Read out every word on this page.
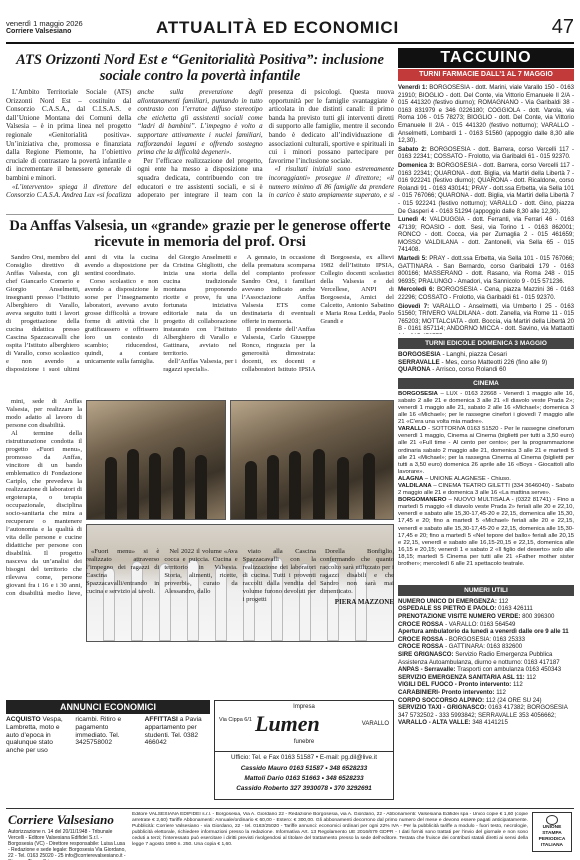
venerdì 1 maggio 2026
Corriere Valsesiano	ATTUALITÀ ED ECONOMICI	47
ATS Orizzonti Nord Est e “Genitorialità Positiva”: inclusione sociale contro la povertà infantile

L’Ambito Territoriale Sociale (ATS) Orizzonti Nord Est – costituito dal Consorzio C.A.S.A., dal C.I.S.A.S. e dall’Unione Montana dei Comuni della Valsesia – è in prima linea nel progetto regionale «Genitorialità positiva». Un’iniziativa che, promossa e finanziata dalla Regione Piemonte, ha l’obiettivo cruciale di contrastare la povertà infantile e di incrementare il benessere generale di bambini e minori.

«L’intervento» spiega il direttore del Consorzio C.A.S.A. Andrea Lux «si focalizza anche sulla prevenzione degli allontanamenti familiari, puntando in tutto contrasto con l’erratoe diffuso stereotipo che etichetta gli assistenti sociali come “ladri di bambini”. L’impegno è volto a supportare attivamente i nuclei familiari, rafforzandoi legami e offrendo sostegno prima che la difficoltà degeneri».

Per l’efficace realizzazione del progetto, ogni ente ha messo a disposizione una squadra dedicata, contribuendo con tre educatori e tre assistenti sociali, e si è adoperato per integrare il team con la presenza di psicologi. Questa nuova opportunità per le famiglie svantaggiate è articolata in due distinti canali: il primo banda ha previsto tutti gli interventi diretti di supporto alle famiglie, mentre il secondo bando è dedicato all’individuazione di associazioni culturali, sportive e spirituali in cui i minori possano partecipare per favorirne l’inclusione sociale.

«I risultati iniziali sono estremamente incoraggianti» prosegue il direttore; «il numero minimo di 86 famiglie da prendere in carico è stato ampiamente superato, e si

Da Anffas Valsesia, un «grande» grazie per le generose offerte ricevute in memoria del prof. Orsi

Sandro Orsi, membro del Consiglio direttivo di Anffas Valsesia, con gli chef Giancarlo Comerio e Giorgio Anselmetti, insegnanti presso l’Istituto Alberghiero di Varallo, aveva seguito tutti i lavori di progettazione della cucina didattica presso Cascina Spazzacavalli che ospita l’Istituto alberghiero di Varallo, corso scolastico e non avendo a disposizione i suoi ultimi anni di vita la cucina avendo a disposizione per sentirsi coordinato.

Corso scolastico e non avendo a disposizione le sorse per l’insegnamento laboratori, avevano avuto grosse difficoltà a trovare forme di attività che li gratificassero e offrissero loro un contesto di scambio; riducendosi, quindi, a contare unicamente sulla famiglia.

del Giorgio Anselmetti e da Cristina Ghigliotti, che inizia una storia della cucina tradizionale montana proponendo ricette e prove, fu una fortunata iniziativa editoriale nata da un progetto di collaborazione instaurato con l’Istituto Alberghiero di Varallo e Gattinara, avviato nel territorio.

dell’Anffas Valsesia, per i ragazzi speciali».

A gennaio, in occasione della prematura scomparsa del compianto professor Sandro Orsi, i familiari avevano indicato anche l’Associazione Anffas Valsesia ETS come destinataria di eventuali offerte in memoria.

Il presidente dell’Anffas Valsesia, Carlo Giuseppe Ronco, ringrazia per la generosità dimostrata: docenti, ex docenti e collaboratori Istituto IPSIA di Borgosesia, ex allievi 1982 dell’Istituto IPSIA, Collegio docenti scolastici della Valsesia e del Vercellese, ANPI di Borgosesia, Amici del Calcetto, Antonio Sabatino e Maria Rosa Ledda, Paolo Grandi e

mini, sede di Anffas Valsesia, per realizzare la modo adatto al lavoro di persone con disabilità.

Al termine della ristrutturazione condotta il progetto «Fuori menu», promosso da Anffas, vincitore di un bando emblematico di Fondazione Cariplo, che prevedeva la realizzazione di laboratori di ergoterapia, o terapia occupazionale, disciplina socio-sanitaria che mira a recuperare o mantenere l’autonomia e la qualità di vita delle persone e cucine didattiche per persone con disabilità. Il progetto nasceva da un’analisi dei bisogni del territorio che rilevava come, persone giovani fra i 16 e i 30 anni, con disabilità medio lieve,

«Fuori menu» si è realizzato attraverso l’impegno dei ragazzi di Cascina Spazzacavalli/entrando in cucina e servizio al tavoli.

Nel 2022 il volume «Ava cocca e puiccia. Cucina e territorio in Valsesia. Storia, alimenti, ricette, proverbi», curato da Alessandro, dallo

viato alla Cascina Spazzacavalli con la realizzazione dei laboratori di cucina. Tutti i proventi raccolti dalla vendita del volume furono devoluti per i progetti

Dorella Bonfiglio, confermando che quanto raccolto sarà utilizzato per i ragazzi disabili e che Sandro non sarà mai dimenticato.

PIERA MAZZONE
ANNUNCI ECONOMICI
ACQUISTO Vespa, Lambretta, moto e auto d’epoca in qualunque stato anche per uso ricambi. Ritiro e pagamento immediato. Tel. 3425758002
AFFITTASI a Pavia appartamento per studenti. Tel. 0382 466042
Impresa
Via Cippa 6/1 Lumen	VARALLO
funebre
Ufficio: Tel. e Fax 0163 51587 • E-mail: pg.dil@live.it
Cassido Mauro 0163 51587 • 348 6528233
Mattoli Dario 0163 51663 • 348 6528233
Cassido Roberto 327 3930078 • 370 3292691
TACCUINO
TURNI FARMACIE DALL’1 AL 7 MAGGIO

Venerdì 1: BORGOSESIA - dott. Marini, viale Varallo 150 - 0163 21910; BIOGLIO - dott. Del Conte, via Vittorio Emanuele II 2/A - 015 441320 (festivo diurno); ROMAGNANO - Via Garibaldi 38 - 0163 831979 e 346 0226180; COGGIOLA - dott. Varola, via Roma 106 - 015 78273; BIOGLIO - dott. Del Conte, via Vittorio Emanuele II 2/A - 015 441320 (festivo notturno); VARALLO - Anselmetti, Lombardi 1 - 0163 51560 (appoggio dalle 8,30 alle 12,30).

Sabato 2: BORGOSESIA - dott. Barrera, corso Vercelli 117 - 0163 22341; COSSATO - Frolotto, via Garibaldi 61 - 015 92370.

Domenica 3: BORGOSESIA - dott. Barrera, corso Vercelli 117 - 0163 22341; QUARONA - dott. Biglia, via Martiri della Libertà 7 - 016 922241 (festivo diurno); QUARONA - dott. Ricaldone, corso Rolandi 91 - 0163 430141; PRAY - dott.ssa Erbetta, via Sella 101 - 015 767066; QUARONA - dott. Biglia, via Martiri della Libertà 7 - 015 922241 (festivo notturno); VARALLO - dott. Gino, piazza De Gasperi 4 - 0163 51294 (appoggio dalle 8,30 alle 12,30).

Lunedì 4: VALDUGGIA - dott. Ferranti, via Ferrari 46 - 0163 47139; ROASIO - dott. Sesi, via Torino 1 - 0163 862001; RONCO - dott. Cocca, via per Zumaglia 2 - 015 461659; MOSSO VALDILANA - dott. Zantonelli, via Sella 65 - 015 741408.

Martedì 5: PRAY - dott.ssa Erbetta, via Sella 101 - 015 767066; GATTINARA - San Bernardo, corso Garibaldi 179 - 0163 800166; MASSERANO - dott. Rasano, via Roma 248 - 015 96935; PRALUNGO - Amadori, via Sannicolo 9 - 015 571236.

Mercoledì 6: BORGOSESIA - Cena, piazza Mazzini 36 - 0163 22296; COSSATO - Frolotto, via Garibaldi 61 - 015 92370.

Giovedì 7: VARALLO - Anselmetti, via Umberto I 25 - 0163 51560; TRIVERO VALDILANA - dott. Zanella, via Rome 11 - 015 765203; MOTTALCIATA - dott. Boccia, via Martiri della Libertà 20 B - 0161 857114; ANDORNO MICCA - dott. Savino, via Mattaotti

TURNI EDICOLE DOMENICA 3 MAGGIO
BORGOSESIA - Langhi, piazza Cesari
SERRAVALLE - Mes, corso Matteotti 226 (fino alle 9)
QUARONA - Arrisco, corso Rolandi 60
CINEMA
BORGOSESIA – LUX - 0163 22668 - Venerdì 1 maggio alle 16, sabato 2 alle 21 e domenica 3 alle 21 «Il diavolo veste Prada 2»; venerdì 1 maggio alle 21, sabato 2 alle 16 «Michael»; domenica 3 alle 16 «Michael»; per le rassegne cinefori i giovedì 7 maggio alle 21 «C’era una volta mia madre».
VARALLO - SOTTORIVA 0163 51520 - Per le rassegne cineforum venerdì 1 maggio, Cinema ai Cinema (biglietti per tutti a 3,50 euro) alle 21 «Full time - Al cento per cento»; per la programmazione ordinaria sabato 2 maggio alle 21, domenica 3 alle 21 e martedì 5 alle 21 «Michael»; per la rassegna Cinema al Cinema (biglietti per tutti a 3,50 euro) domenica 26 aprile alle 16 «Boys - Giocattoli allo lavorare».
ALAGNA – UNIONE ALAGNESE - Chiuso.
VALDILANA – CINEMA TEATRO GILETTI (334 3646040) - Sabato 2 maggio alle 21 e domenica 3 alle 16 «La mattina serve».
BORGOMANERO – NUOVO MULTISALA - (0322 81741) - Fino a martedì 5 maggio «Il diavolo veste Prada 2» feriali alle 20 e 22,10, venerdì e sabato alle 15,30-17,45-20 e 22,15, domenica alle 15,30, 17,45 e 20; fino a martedì 5 «Michael» feriali alle 20 e 22,15, venerdì e sabato alle 15,30-17,45-20 e 22,15, domenica alle 15,30-17,45 e 20; fino a martedì 5 «Nel tepore del ballo» feriali alle 20,15 e 22,15, venerdì e sabato alle 16,15-20,15 e 22,15, domenica alle 16,15 e 20,15; venerdì 1 e sabato 2 «Il figlio del deserto» solo alle 18,15; martedì 5 Cinema per tutti alle 21 «Father mother sister brother»; mercoledì 6 alle 21 spettacolo teatrale.
NUMERI UTILI
NUMERO UNICO DI EMERGENZA: 112
OSPEDALE SS PIETRO E PAOLO: 0163 426111
PRENOTAZIONE VISITE NUMERO VERDE: 800 396300
CROCE ROSSA - VARALLO: 0163 564549
Apertura ambulatorio da lunedì a venerdì dalle ore 9 alle 11
CROCE ROSSA - BORGOSESIA: 0163 25333
CROCE ROSSA - GATTINARA: 0163 832600
SIRE GRIGNASCO: Servizio Radio Emergenza Pubblica Assistenza Autoambulanza, diurno e notturno: 0163 417187
ANPAS - Serravalle: Trasporti con ambulanza 0163 450343
SERVIZIO EMERGENZA SANITARIA ASL 11: 112
VIGILI DEL FUOCO - Pronto intervento: 112
CARABINIERI- Pronto intervento: 112
CORPO SOCCORSO ALPINO: 112 (24 ORE SU 24)
SERVIZIO TAXI - GRIGNASCO: 0163 417382; BORGOSESIA 347 5732502 - 333 5993842; SERRAVALLE 353 4056662;
VARALLO - ALTA VALLE: 348 4141215
Corriere Valsesiano
Autorizzazione n. 14 del 20/11/1948 - Tribunale Vercelli - Editore Valsesiana Edifidei S.r.l. - Borgosesia (VC) - Direttore responsabile: Luisa Lusa - Redazione e sede legale: Borgosesia Via Giordano, 22 - Tel. 0163 25020 - 25 info@corrierevalsesiano.it -
Editore VALSESIANA EDIFIDEI s.r.l. - Borgosesia, Via A. Giordano 22 - Redazione Borgosesia, via A. Giordano, 22 - Abbonamenti: Valsesiana Edifidei spa - Unico copie € 1,60 (copie arretrate € 2,60) Tariffe Abbonamenti: Annuale/ordinario € 60,00 - Estero: € 300,00. Gli abbonamenti decorrono dal primo numero del mese e devono essere pagati anticipatamente. Pubblicità: Corriere Valsesiano - via Giordano, 22 - tel. 0163/25020 - Tariffe annunci: economici ordinari per ogni 22% IVA - Per la pubblicità tariffe a modulo - fuori testo, necrologie, pubblicità elettorale, richiedere informazioni presso la redazione. Informativa Art. 13 Regolamento UE 2016/679 GDPR - I dati forniti sono trattati per l’invio del giornale e non sono ceduti a terzi; l’interessato può esercitare i diritti previsti rivolgendosi al titolare del trattamento presso la sede dell’editore. Testata che fruisce dei contributi statali diretti ai sensi della legge 7 agosto 1990 n. 250. Una copia € 1,60.
UNIONE STAMPA PERIODICA ITALIANA
